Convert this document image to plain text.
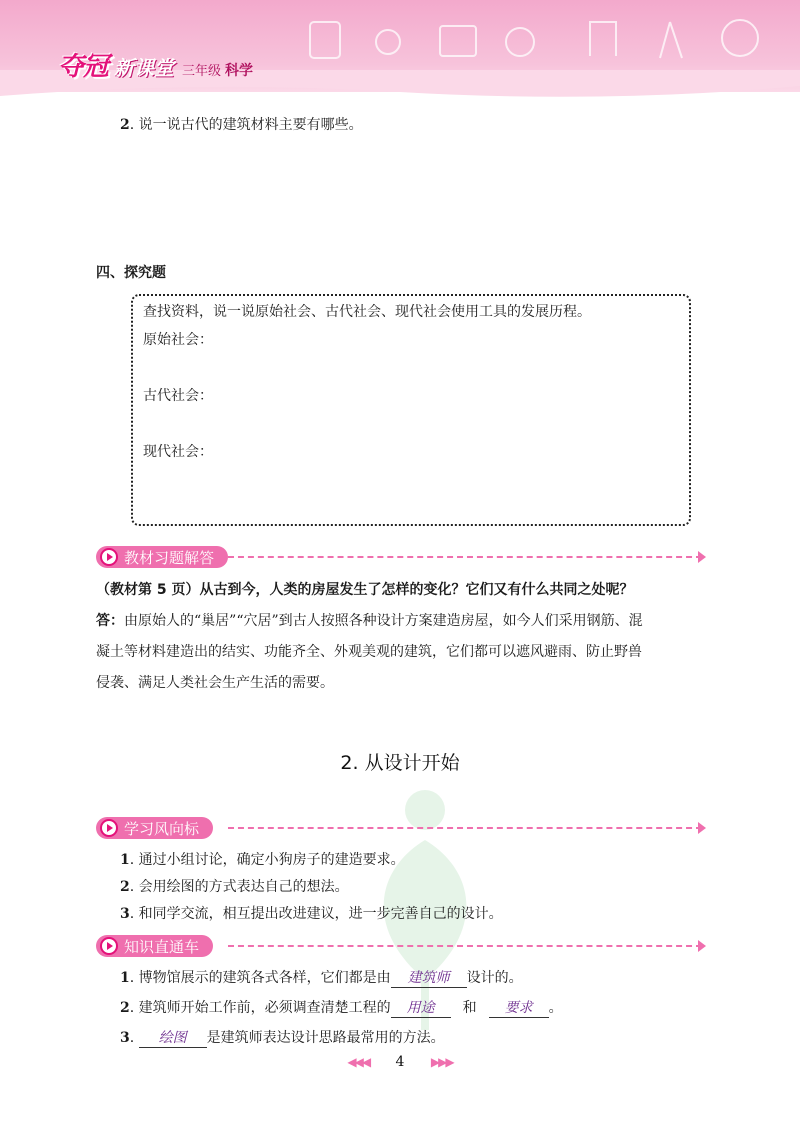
夺冠 新课堂 三年级 科学
2. 说一说古代的建筑材料主要有哪些。
四、探究题
查找资料，说一说原始社会、古代社会、现代社会使用工具的发展历程。
原始社会：
古代社会：
现代社会：
教材习题解答
（教材第 5 页）从古到今，人类的房屋发生了怎样的变化？它们又有什么共同之处呢？
答：由原始人的“巢居”“穴居”到古人按照各种设计方案建造房屋，如今人们采用钢筋、混
凝土等材料建造出的结实、功能齐全、外观美观的建筑，它们都可以遮风避雨、防止野兽
侵袭、满足人类社会生产生活的需要。
2. 从设计开始
学习风向标
1. 通过小组讨论，确定小狗房子的建造要求。
2. 会用绘图的方式表达自己的想法。
3. 和同学交流，相互提出改进建议，进一步完善自己的设计。
知识直通车
1. 博物馆展示的建筑各式各样，它们都是由 建筑师 设计的。
2. 建筑师开始工作前，必须调查清楚工程的 用途 和 要求 。
3. 绘图 是建筑师表达设计思路最常用的方法。
◀◀◀ 4 ▶▶▶
